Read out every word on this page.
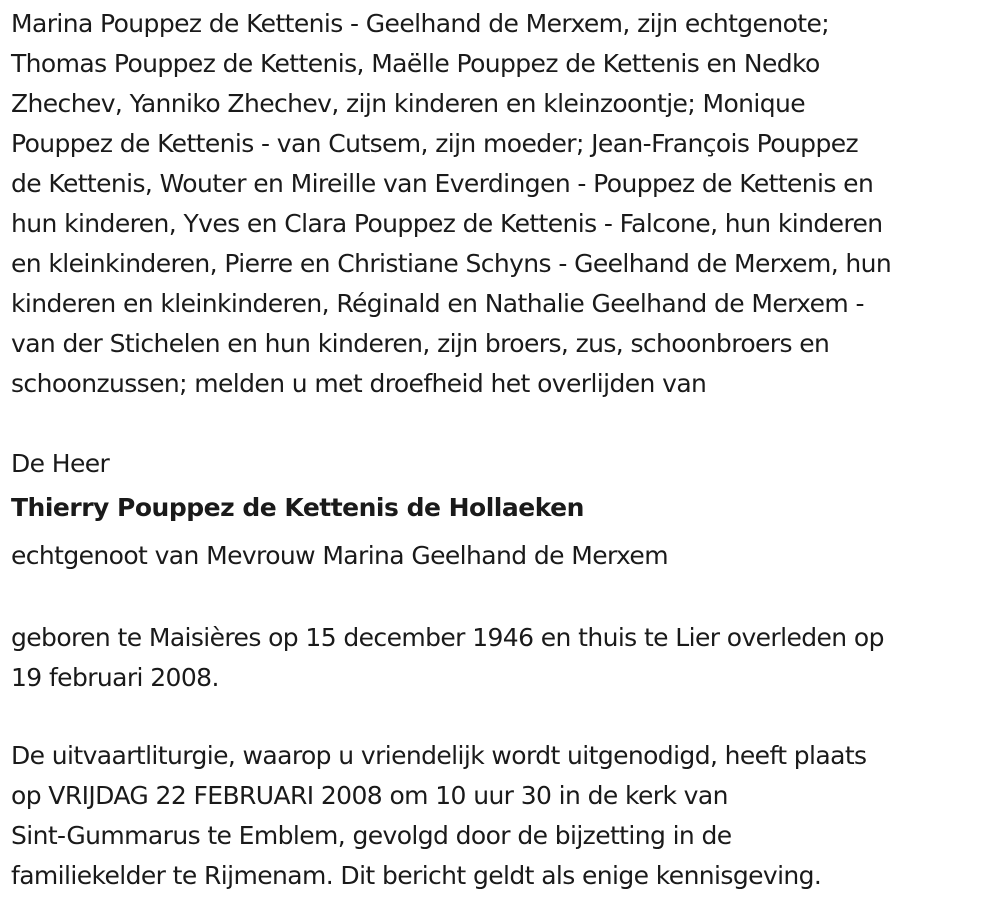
Marina Pouppez de Kettenis - Geelhand de Merxem, zijn echtgenote;

Thomas Pouppez de Kettenis, Maëlle Pouppez de Kettenis en Nedko

Zhechev, Yanniko Zhechev, zijn kinderen en kleinzoontje; Monique

Pouppez de Kettenis - van Cutsem, zijn moeder; Jean-François Pouppez

de Kettenis, Wouter en Mireille van Everdingen - Pouppez de Kettenis en

hun kinderen, Yves en Clara Pouppez de Kettenis - Falcone, hun kinderen

en kleinkinderen, Pierre en Christiane Schyns - Geelhand de Merxem, hun

kinderen en kleinkinderen, Réginald en Nathalie Geelhand de Merxem -

van der Stichelen en hun kinderen, zijn broers, zus, schoonbroers en

schoonzussen; melden u met droefheid het overlijden van

De Heer

Thierry Pouppez de Kettenis de Hollaeken

echtgenoot van Mevrouw Marina Geelhand de Merxem

geboren te Maisières op 15 december 1946 en thuis te Lier overleden op

19 februari 2008.

De uitvaartliturgie, waarop u vriendelijk wordt uitgenodigd, heeft plaats

op VRIJDAG 22 FEBRUARI 2008 om 10 uur 30 in de kerk van

Sint-Gummarus te Emblem, gevolgd door de bijzetting in de

familiekelder te Rijmenam. Dit bericht geldt als enige kennisgeving.
